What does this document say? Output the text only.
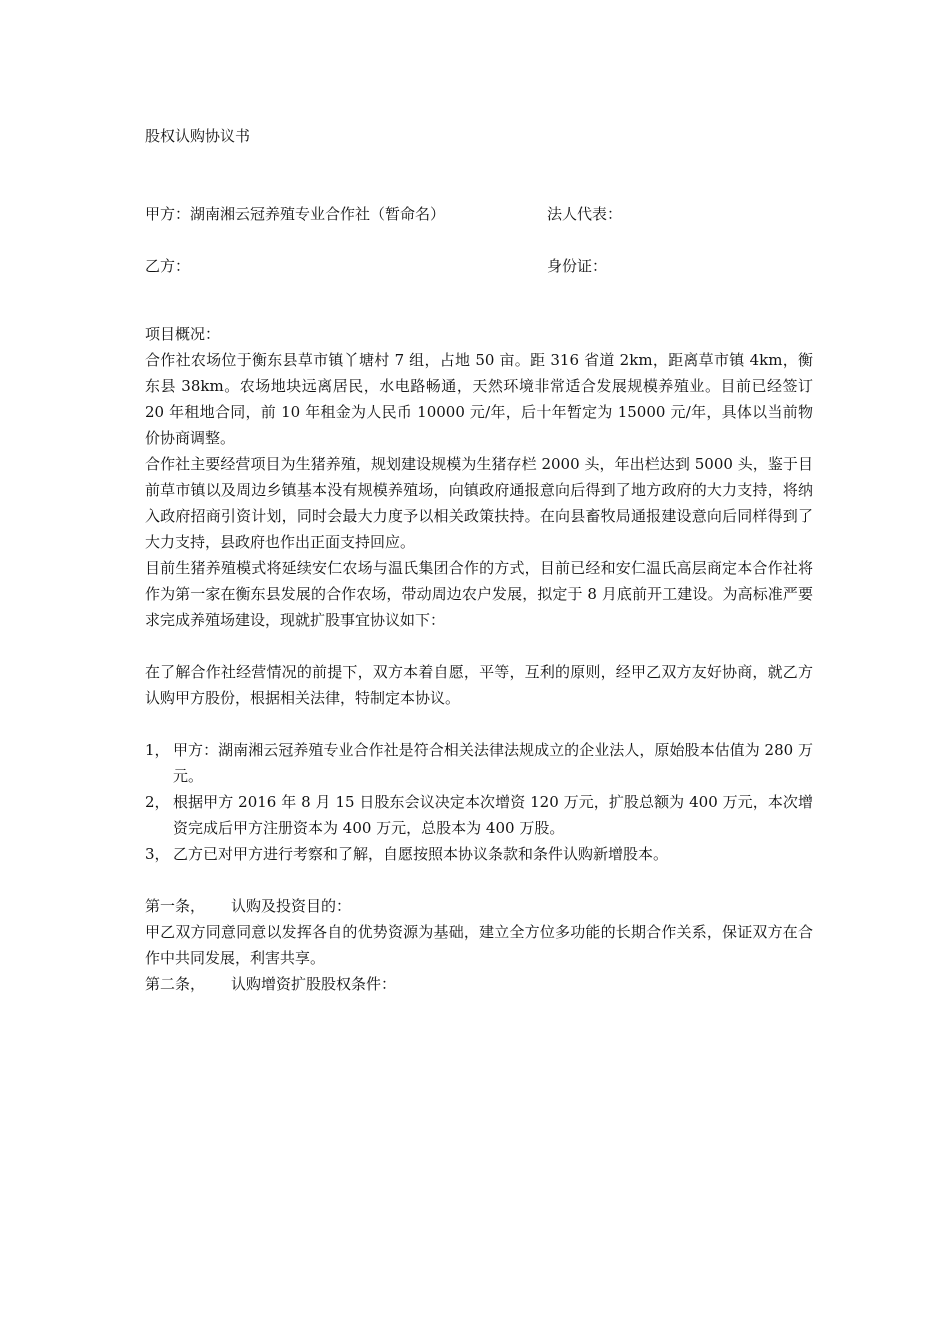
股权认购协议书

甲方：湖南湘云冠养殖专业合作社（暂命名）	法人代表：
乙方：	身份证：

项目概况：

合作社农场位于衡东县草市镇丫塘村 7 组，占地 50 亩。距 316 省道 2km，距离草市镇 4km，衡东县 38km。农场地块远离居民，水电路畅通，天然环境非常适合发展规模养殖业。目前已经签订 20 年租地合同，前 10 年租金为人民币 10000 元/年，后十年暂定为 15000 元/年，具体以当前物价协商调整。

合作社主要经营项目为生猪养殖，规划建设规模为生猪存栏 2000 头，年出栏达到 5000 头，鉴于目前草市镇以及周边乡镇基本没有规模养殖场，向镇政府通报意向后得到了地方政府的大力支持，将纳入政府招商引资计划，同时会最大力度予以相关政策扶持。在向县畜牧局通报建设意向后同样得到了大力支持，县政府也作出正面支持回应。

目前生猪养殖模式将延续安仁农场与温氏集团合作的方式，目前已经和安仁温氏高层商定本合作社将作为第一家在衡东县发展的合作农场，带动周边农户发展，拟定于 8 月底前开工建设。为高标准严要求完成养殖场建设，现就扩股事宜协议如下：

在了解合作社经营情况的前提下，双方本着自愿，平等，互利的原则，经甲乙双方友好协商，就乙方认购甲方股份，根据相关法律，特制定本协议。

1， 甲方：湖南湘云冠养殖专业合作社是符合相关法律法规成立的企业法人，原始股本估值为 280 万元。
2， 根据甲方 2016 年 8 月 15 日股东会议决定本次增资 120 万元，扩股总额为 400 万元，本次增资完成后甲方注册资本为 400 万元，总股本为 400 万股。
3， 乙方已对甲方进行考察和了解，自愿按照本协议条款和条件认购新增股本。
第一条，	认购及投资目的：

甲乙双方同意同意以发挥各自的优势资源为基础，建立全方位多功能的长期合作关系，保证双方在合作中共同发展，利害共享。

第二条，	认购增资扩股股权条件：
